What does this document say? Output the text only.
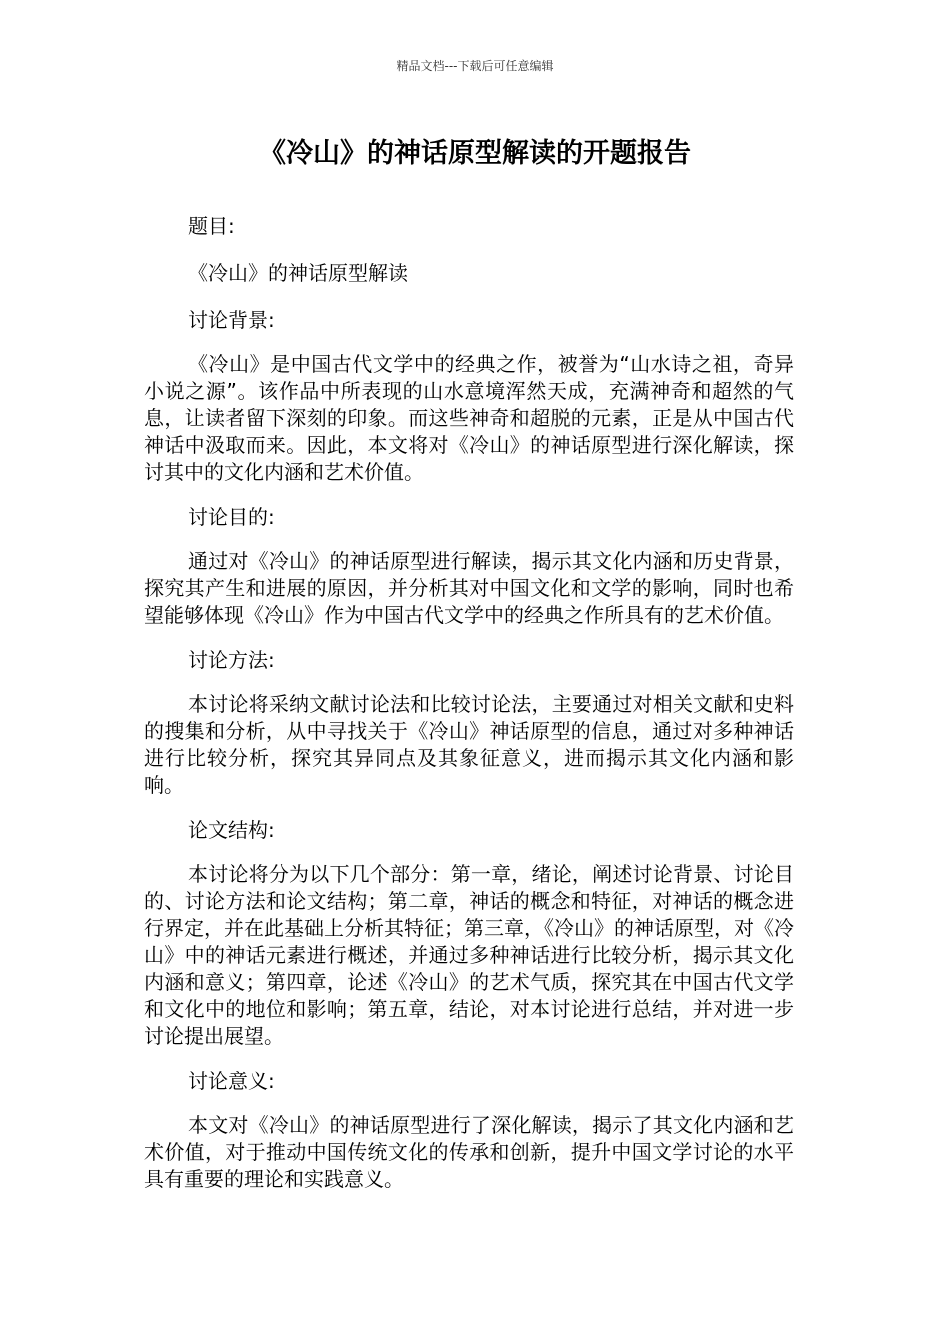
精品文档---下载后可任意编辑
《冷山》的神话原型解读的开题报告

题目:

《冷山》的神话原型解读

讨论背景:

《冷山》是中国古代文学中的经典之作，被誉为“山水诗之祖，奇异小说之源”。该作品中所表现的山水意境浑然天成，充满神奇和超然的气息，让读者留下深刻的印象。而这些神奇和超脱的元素，正是从中国古代神话中汲取而来。因此，本文将对《冷山》的神话原型进行深化解读，探讨其中的文化内涵和艺术价值。

讨论目的:

通过对《冷山》的神话原型进行解读，揭示其文化内涵和历史背景，探究其产生和进展的原因，并分析其对中国文化和文学的影响，同时也希望能够体现《冷山》作为中国古代文学中的经典之作所具有的艺术价值。

讨论方法:

本讨论将采纳文献讨论法和比较讨论法，主要通过对相关文献和史料的搜集和分析，从中寻找关于《冷山》神话原型的信息，通过对多种神话进行比较分析，探究其异同点及其象征意义，进而揭示其文化内涵和影响。

论文结构:

本讨论将分为以下几个部分：第一章，绪论，阐述讨论背景、讨论目的、讨论方法和论文结构；第二章，神话的概念和特征，对神话的概念进行界定，并在此基础上分析其特征；第三章，《冷山》的神话原型，对《冷山》中的神话元素进行概述，并通过多种神话进行比较分析，揭示其文化内涵和意义；第四章，论述《冷山》的艺术气质，探究其在中国古代文学和文化中的地位和影响；第五章，结论，对本讨论进行总结，并对进一步讨论提出展望。

讨论意义:

本文对《冷山》的神话原型进行了深化解读，揭示了其文化内涵和艺术价值，对于推动中国传统文化的传承和创新，提升中国文学讨论的水平具有重要的理论和实践意义。
